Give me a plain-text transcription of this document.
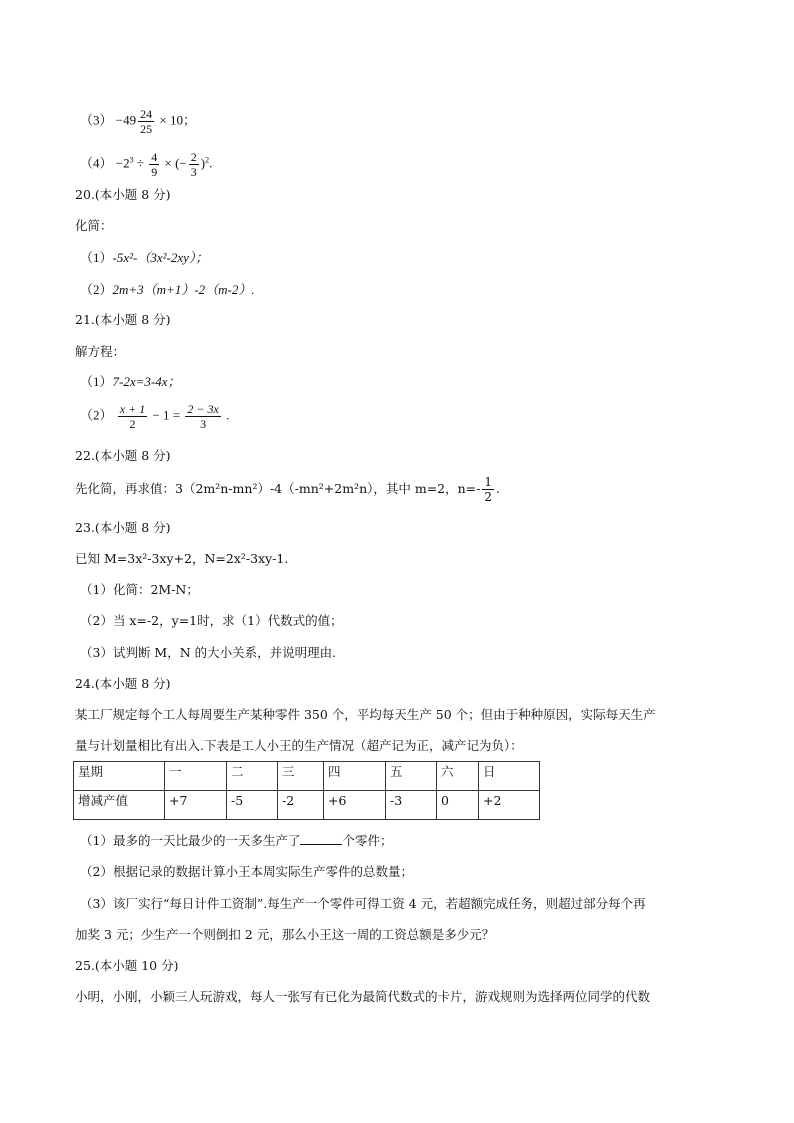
$(3) -49 \frac{24}{25} \times 10$；
$(4) -2^3 \div \frac{4}{9}$ × (− $\frac{2}{3} )^2$.
20.(本小题 8 分)
化简：
（1）-5x²-（3x²-2xy）；
（2）2m+3（m+1）-2（m-2）.
21.(本小题 8 分)
解方程：
（1）7-2x=3-4x；
$(2) \frac{x + 1}{2} - 1 = \frac{2 - 3x}{3}$ .
22.(本小题 8 分)
先化简，再求值：3（2m²n-mn²）-4（-mn²+2m²n），其中 m=2，$n=- \frac{1}{2}$ .
23.(本小题 8 分)
已知 M=3x²-3xy+2，N=2x²-3xy-1.
（1）化简：2M-N；
（2）当 x=-2，y=1时，求（1）代数式的值；
（3）试判断 M，N 的大小关系，并说明理由.
24.(本小题 8 分)
某工厂规定每个工人每周要生产某种零件 350 个，平均每天生产 50 个；但由于种种原因，实际每天生产
量与计划量相比有出入.下表是工人小王的生产情况（超产记为正，减产记为负）：
星期	一	二	三	四	五	六	日
增减产值	+7	-5	-2	+6	-3	0	+2
（1）最多的一天比最少的一天多生产了	个零件；
（2）根据记录的数据计算小王本周实际生产零件的总数量；
（3）该厂实行“每日计件工资制”.每生产一个零件可得工资 4 元，若超额完成任务，则超过部分每个再
加奖 3 元；少生产一个则倒扣 2 元，那么小王这一周的工资总额是多少元？
25.(本小题 10 分)
小明，小刚，小颖三人玩游戏，每人一张写有已化为最简代数式的卡片，游戏规则为选择两位同学的代数
